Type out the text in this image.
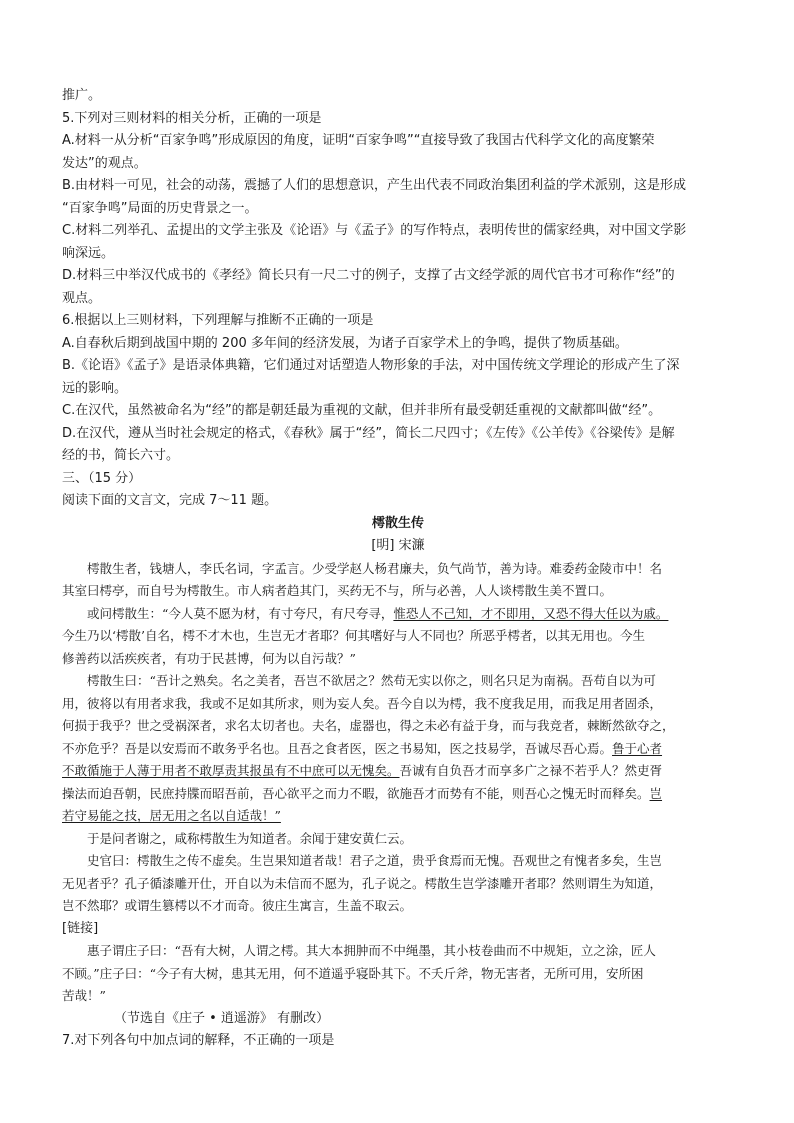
推广。

5.下列对三则材料的相关分析，正确的一项是

A.材料一从分析“百家争鸣”形成原因的角度，证明“百家争鸣”“直接导致了我国古代科学文化的高度繁荣

发达”的观点。

B.由材料一可见，社会的动荡，震撼了人们的思想意识，产生出代表不同政治集团利益的学术派别，这是形成

“百家争鸣”局面的历史背景之一。

C.材料二列举孔、孟提出的文学主张及《论语》与《孟子》的写作特点，表明传世的儒家经典，对中国文学影

响深远。

D.材料三中举汉代成书的《孝经》简长只有一尺二寸的例子，支撑了古文经学派的周代官书才可称作“经”的

观点。

6.根据以上三则材料，下列理解与推断不正确的一项是

A.自春秋后期到战国中期的 200 多年间的经济发展，为诸子百家学术上的争鸣，提供了物质基础。

B.《论语》《孟子》是语录体典籍，它们通过对话塑造人物形象的手法，对中国传统文学理论的形成产生了深

远的影响。

C.在汉代，虽然被命名为“经”的都是朝廷最为重视的文献，但并非所有最受朝廷重视的文献都叫做“经”。

D.在汉代，遵从当时社会规定的格式，《春秋》属于“经”，简长二尺四寸；《左传》《公羊传》《谷梁传》是解

经的书，简长六寸。

三、（15 分）

阅读下面的文言文，完成 7～11 题。

樗散生传

[明] 宋濂

樗散生者，钱塘人，李氏名词，字孟言。少受学赵人杨君廉夫，负气尚节，善为诗。难委药金陵市中！名

其室曰樗亭，而自号为樗散生。市人病者趋其门，买药无不与，所与必善，人人谈樗散生美不置口。

或问樗散生：“今人莫不愿为材，有寸夸尺，有尺夸寻，惟恐人不己知，才不即用，又恐不得大任以为戚。

今生乃以‘樗散’自名，樗不才木也，生岂无才者耶？何其嗜好与人不同也？所恶乎樗者，以其无用也。今生

修善药以活疾疾者，有功于民甚博，何为以自污哉？”

樗散生曰：“吾计之熟矣。名之美者，吾岂不欲居之？然苟无实以你之，则名只足为南祸。吾苟自以为可

用，彼将以有用者求我，我或不足如其所求，则为妄人矣。吾今自以为樗，我不度我足用，而我足用者固杀，

何损于我乎？世之受祸深者，求名太切者也。夫名，虚器也，得之未必有益于身，而与我竞者，棘断然欲夺之，

不亦危乎？吾是以安焉而不敢务乎名也。且吾之食者医，医之书易知，医之技易学，吾诚尽吾心焉。鲁于心者

不敢循施于人薄于用者不敢厚责其报虽有不中庶可以无愧矣。吾诚有自负吾才而享多广之禄不若乎人？然吏胥

操法而迫吾朝，民庶持牒而昭吾前，吾心欲平之而力不暇，欲施吾才而势有不能，则吾心之愧无时而释矣。岂

若守易能之技，居无用之名以自适哉！”

于是问者谢之，咸称樗散生为知道者。余闻于建安黄仁云。

史官曰：樗散生之传不虚矣。生岂果知道者哉！君子之道，贵乎食焉而无愧。吾观世之有愧者多矣，生岂

无见者乎？孔子循漆雕开仕，开自以为未信而不愿为，孔子说之。樗散生岂学漆雕开者耶？然则谓生为知道，

岂不然耶？或谓生篡樗以不才而奇。彼庄生寓言，生盖不取云。

[链接]

惠子谓庄子曰：“吾有大树，人谓之樗。其大本拥肿而不中绳墨，其小枝卷曲而不中规矩，立之涂，匠人

不顾。”庄子曰：“今子有大树，患其无用，何不道遥乎寝卧其下。不夭斤斧，物无害者，无所可用，安所困

苦哉！”

（节选自《庄子 • 逍遥游》 有删改）

7.对下列各句中加点词的解释，不正确的一项是
